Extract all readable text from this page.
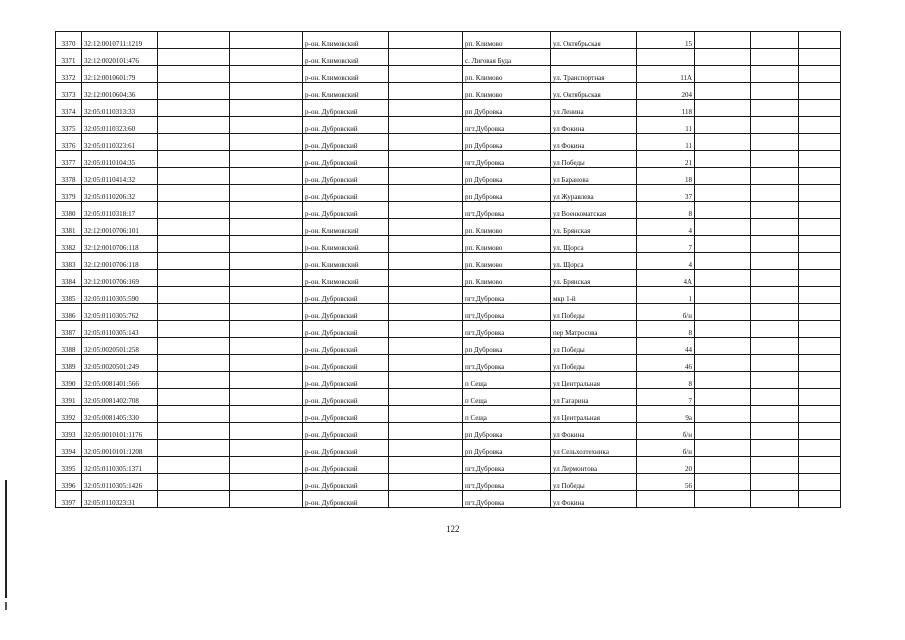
3370	32:12:0010711:1219			р-он. Климовский		рп. Климово	ул. Октябрьская	15			
3371	32:12:0020101:476			р-он. Климовский		с. Лиговая Буда					
3372	32:12:0010601:79			р-он. Климовский		рп. Климово	ул. Транспортная	11А			
3373	32:12:0010604:36			р-он. Климовский		рп. Климово	ул. Октябрьская	204			
3374	32:05:0110313:33			р-он. Дубровский		рп Дубровка	ул Ленина	118			
3375	32:05:0110323:60			р-он. Дубровский		пгт.Дубровка	ул Фокина	11			
3376	32:05:0110323:61			р-он. Дубровский		рп Дубровка	ул Фокина	11			
3377	32:05:0110104:35			р-он. Дубровский		пгт.Дубровка	ул Победы	21			
3378	32:05:0110414:32			р-он. Дубровский		рп Дубровка	ул Баранова	18			
3379	32:05:0110206:32			р-он. Дубровский		рп Дубровка	ул Журавлева	37			
3380	32:05:0110318:17			р-он. Дубровский		пгт.Дубровка	ул Военкоматская	8			
3381	32:12:0010706:101			р-он. Климовский		рп. Климово	ул. Брянская	4			
3382	32:12:0010706:118			р-он. Климовский		рп. Климово	ул. Щорса	7			
3383	32:12:0010706:118			р-он. Климовский		рп. Климово	ул. Щорса	4			
3384	32:12:0010706:169			р-он. Климовский		рп. Климово	ул. Брянская	4А			
3385	32:05:0110305:590			р-он. Дубровский		пгт.Дубровка	мкр 1-й	1			
3386	32:05:0110305:762			р-он. Дубровский		пгт.Дубровка	ул Победы	б/н			
3387	32:05:0110305:143			р-он. Дубровский		пгт.Дубровка	пер Матросова	8			
3388	32:05:0020501:258			р-он. Дубровский		рп Дубровка	ул Победы	44			
3389	32:05:0020501:249			р-он. Дубровский		пгт.Дубровка	ул Победы	46			
3390	32:05:0081401:566			р-он. Дубровский		п Сеща	ул Центральная	8			
3391	32:05:0081402:708			р-он. Дубровский		п Сеща	ул Гагарина	7			
3392	32:05:0081405:330			р-он. Дубровский		п Сеща	ул Центральная	9а			
3393	32:05:0010101:1176			р-он. Дубровский		рп Дубровка	ул Фокина	б/н			
3394	32:05:0010101:1208			р-он. Дубровский		рп Дубровка	ул Сельхозтехника	б/н			
3395	32:05:0110305:1371			р-он. Дубровский		пгт.Дубровка	ул Лермонтова	20			
3396	32:05:0110305:1426			р-он. Дубровский		пгт.Дубровка	ул Победы	56			
3397	32:05:0110323:31			р-он. Дубровский		пгт.Дубровка	ул Фокина				
122
